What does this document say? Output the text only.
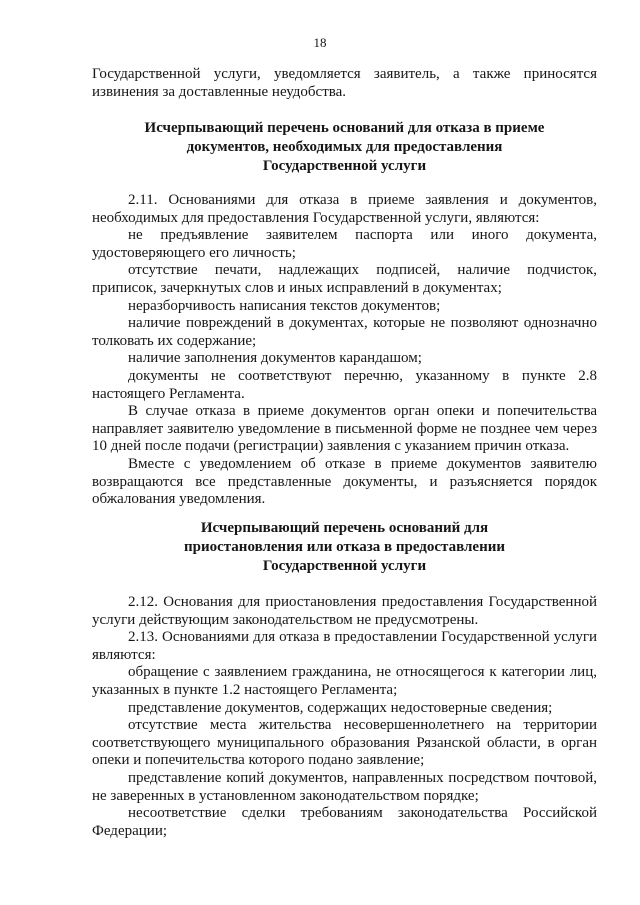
18
Государственной услуги, уведомляется заявитель, а также приносятся
извинения за доставленные неудобства.
Исчерпывающий перечень оснований для отказа в приеме
документов, необходимых для предоставления
Государственной услуги
2.11. Основаниями для отказа в приеме заявления и документов,
необходимых для предоставления Государственной услуги, являются:
не предъявление заявителем паспорта или иного документа,
удостоверяющего его личность;
отсутствие печати, надлежащих подписей, наличие подчисток,
приписок, зачеркнутых слов и иных исправлений в документах;
неразборчивость написания текстов документов;
наличие повреждений в документах, которые не позволяют однозначно
толковать их содержание;
наличие заполнения документов карандашом;
документы не соответствуют перечню, указанному в пункте 2.8
настоящего Регламента.
В случае отказа в приеме документов орган опеки и попечительства
направляет заявителю уведомление в письменной форме не позднее чем через
10 дней после подачи (регистрации) заявления с указанием причин отказа.
Вместе с уведомлением об отказе в приеме документов заявителю
возвращаются все представленные документы, и разъясняется порядок
обжалования уведомления.
Исчерпывающий перечень оснований для
приостановления или отказа в предоставлении
Государственной услуги
2.12. Основания для приостановления предоставления Государственной
услуги действующим законодательством не предусмотрены.
2.13. Основаниями для отказа в предоставлении Государственной услуги
являются:
обращение с заявлением гражданина, не относящегося к категории лиц,
указанных в пункте 1.2 настоящего Регламента;
представление документов, содержащих недостоверные сведения;
отсутствие места жительства несовершеннолетнего на территории
соответствующего муниципального образования Рязанской области, в орган
опеки и попечительства которого подано заявление;
представление копий документов, направленных посредством почтовой,
не заверенных в установленном законодательством порядке;
несоответствие сделки требованиям законодательства Российской
Федерации;
